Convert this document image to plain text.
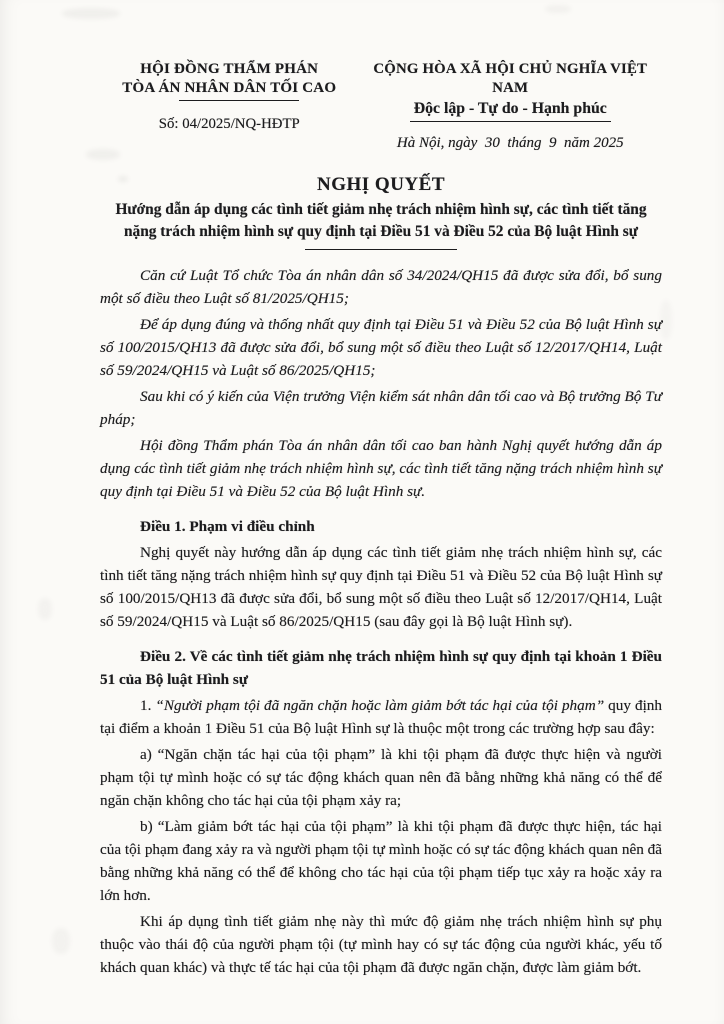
HỘI ĐỒNG THẨM PHÁN
TÒA ÁN NHÂN DÂN TỐI CAO
Số: 04/2025/NQ-HĐTP
CỘNG HÒA XÃ HỘI CHỦ NGHĨA VIỆT NAM
Độc lập - Tự do - Hạnh phúc
Hà Nội, ngày  30  tháng  9  năm 2025
NGHỊ QUYẾT
Hướng dẫn áp dụng các tình tiết giảm nhẹ trách nhiệm hình sự, các tình tiết tăng nặng trách nhiệm hình sự quy định tại Điều 51 và Điều 52 của Bộ luật Hình sự

Căn cứ Luật Tổ chức Tòa án nhân dân số 34/2024/QH15 đã được sửa đổi, bổ sung một số điều theo Luật số 81/2025/QH15;

Để áp dụng đúng và thống nhất quy định tại Điều 51 và Điều 52 của Bộ luật Hình sự số 100/2015/QH13 đã được sửa đổi, bổ sung một số điều theo Luật số 12/2017/QH14, Luật số 59/2024/QH15 và Luật số 86/2025/QH15;

Sau khi có ý kiến của Viện trưởng Viện kiểm sát nhân dân tối cao và Bộ trưởng Bộ Tư pháp;

Hội đồng Thẩm phán Tòa án nhân dân tối cao ban hành Nghị quyết hướng dẫn áp dụng các tình tiết giảm nhẹ trách nhiệm hình sự, các tình tiết tăng nặng trách nhiệm hình sự quy định tại Điều 51 và Điều 52 của Bộ luật Hình sự.

Điều 1. Phạm vi điều chỉnh

Nghị quyết này hướng dẫn áp dụng các tình tiết giảm nhẹ trách nhiệm hình sự, các tình tiết tăng nặng trách nhiệm hình sự quy định tại Điều 51 và Điều 52 của Bộ luật Hình sự số 100/2015/QH13 đã được sửa đổi, bổ sung một số điều theo Luật số 12/2017/QH14, Luật số 59/2024/QH15 và Luật số 86/2025/QH15 (sau đây gọi là Bộ luật Hình sự).

Điều 2. Về các tình tiết giảm nhẹ trách nhiệm hình sự quy định tại khoản 1 Điều 51 của Bộ luật Hình sự

1. “Người phạm tội đã ngăn chặn hoặc làm giảm bớt tác hại của tội phạm” quy định tại điểm a khoản 1 Điều 51 của Bộ luật Hình sự là thuộc một trong các trường hợp sau đây:

a) “Ngăn chặn tác hại của tội phạm” là khi tội phạm đã được thực hiện và người phạm tội tự mình hoặc có sự tác động khách quan nên đã bằng những khả năng có thể để ngăn chặn không cho tác hại của tội phạm xảy ra;

b) “Làm giảm bớt tác hại của tội phạm” là khi tội phạm đã được thực hiện, tác hại của tội phạm đang xảy ra và người phạm tội tự mình hoặc có sự tác động khách quan nên đã bằng những khả năng có thể để không cho tác hại của tội phạm tiếp tục xảy ra hoặc xảy ra lớn hơn.

Khi áp dụng tình tiết giảm nhẹ này thì mức độ giảm nhẹ trách nhiệm hình sự phụ thuộc vào thái độ của người phạm tội (tự mình hay có sự tác động của người khác, yếu tố khách quan khác) và thực tế tác hại của tội phạm đã được ngăn chặn, được làm giảm bớt.
